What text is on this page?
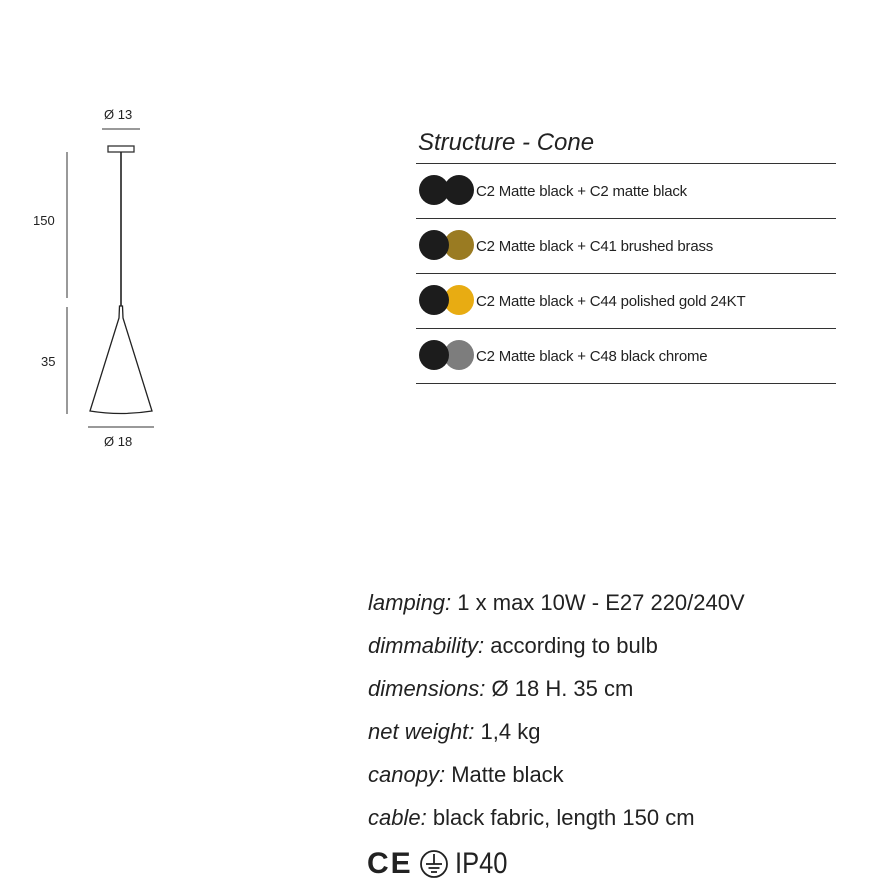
Ø 13
150
35
Ø 18
Structure - Cone
C2 Matte black + C2 matte black
C2 Matte black + C41 brushed brass
C2 Matte black + C44 polished gold 24KT
C2 Matte black + C48 black chrome
lamping: 1 x max 10W - E27 220/240V
dimmability: according to bulb
dimensions: Ø 18 H. 35 cm
net weight: 1,4 kg
canopy: Matte black
cable: black fabric, length 150 cm
CE IP40
